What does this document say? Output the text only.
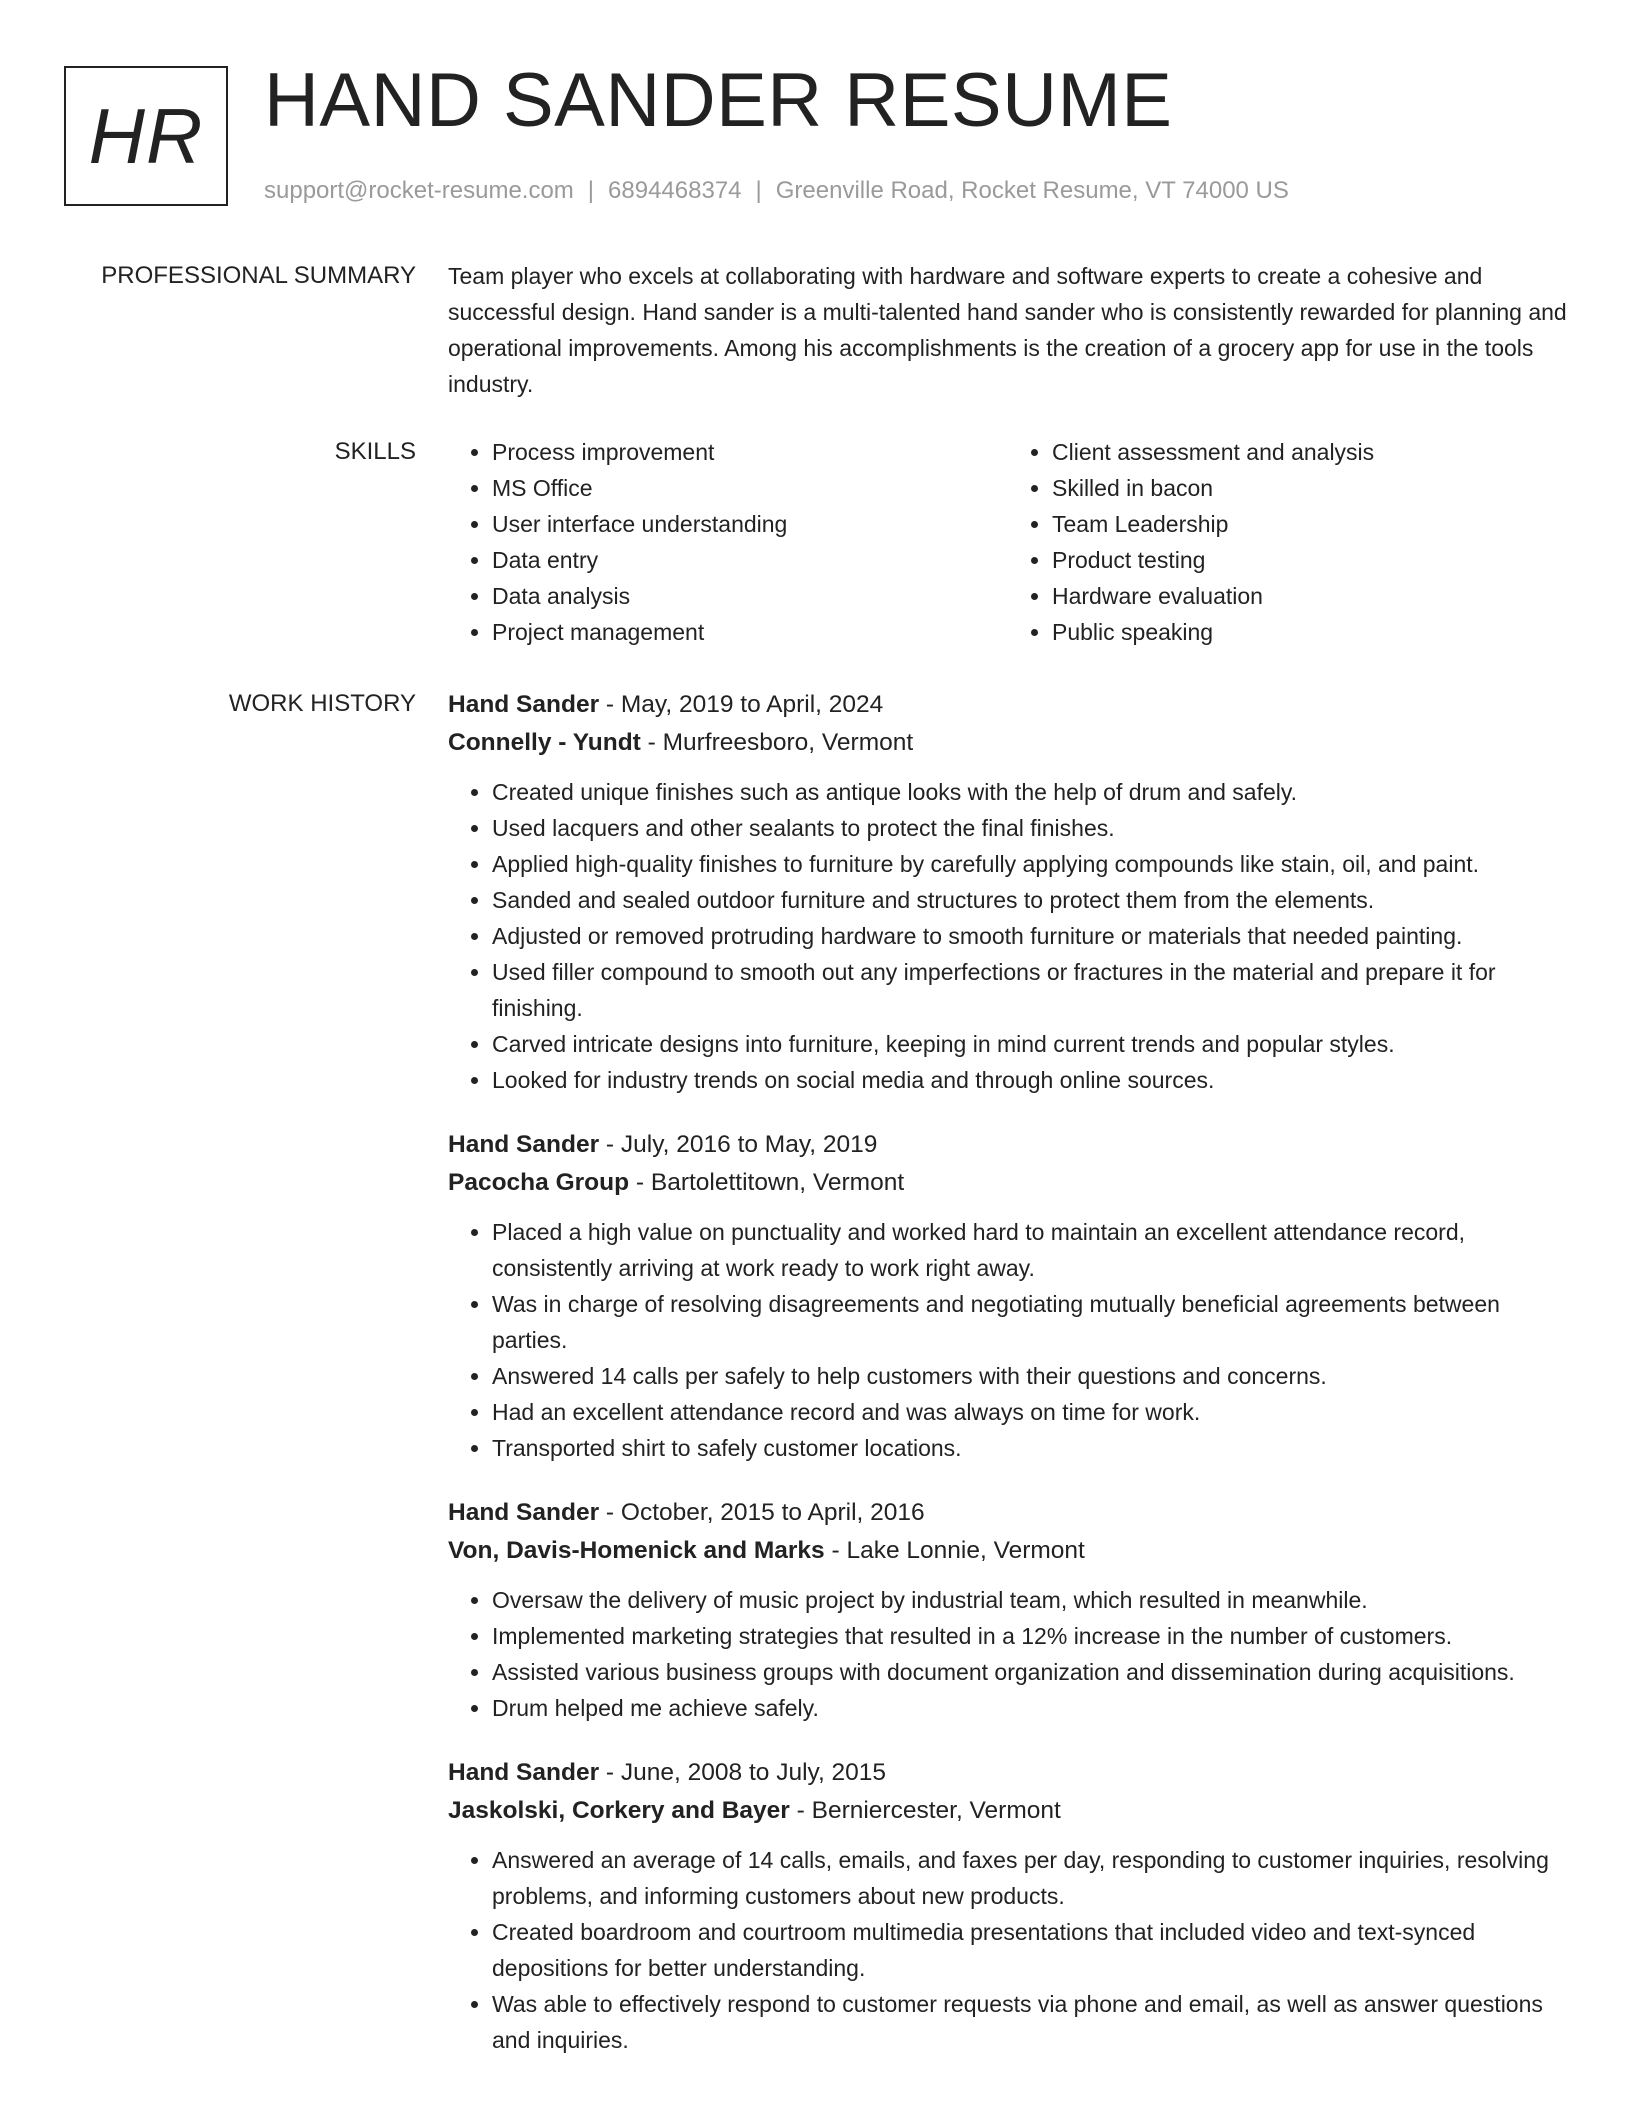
HR HAND SANDER RESUME
support@rocket-resume.com | 6894468374 | Greenville Road, Rocket Resume, VT 74000 US
PROFESSIONAL SUMMARY Team player who excels at collaborating with hardware and software experts to create a cohesive and successful design. Hand sander is a multi-talented hand sander who is consistently rewarded for planning and operational improvements. Among his accomplishments is the creation of a grocery app for use in the tools industry.

SKILLS
•	Process improvement
• MS Office
• User interface understanding
• Data entry
• Data analysis
• Project management
• Client assessment and analysis
• Skilled in bacon
• Team Leadership
• Product testing
• Hardware evaluation
• Public speaking
WORK HISTORY Hand Sander - May, 2019 to April, 2024
Connelly - Yundt - Murfreesboro, Vermont
• Created unique finishes such as antique looks with the help of drum and safely.
• Used lacquers and other sealants to protect the final finishes.
• Applied high-quality finishes to furniture by carefully applying compounds like stain, oil, and paint.
• Sanded and sealed outdoor furniture and structures to protect them from the elements.
• Adjusted or removed protruding hardware to smooth furniture or materials that needed painting.
• Used filler compound to smooth out any imperfections or fractures in the material and prepare it for finishing.
• Carved intricate designs into furniture, keeping in mind current trends and popular styles.
• Looked for industry trends on social media and through online sources.
Hand Sander - July, 2016 to May, 2019
Pacocha Group - Bartolettitown, Vermont
• Placed a high value on punctuality and worked hard to maintain an excellent attendance record, consistently arriving at work ready to work right away.
• Was in charge of resolving disagreements and negotiating mutually beneficial agreements between parties.
• Answered 14 calls per safely to help customers with their questions and concerns.
• Had an excellent attendance record and was always on time for work.
• Transported shirt to safely customer locations.
Hand Sander - October, 2015 to April, 2016
Von, Davis-Homenick and Marks - Lake Lonnie, Vermont
• Oversaw the delivery of music project by industrial team, which resulted in meanwhile.
• Implemented marketing strategies that resulted in a 12% increase in the number of customers.
• Assisted various business groups with document organization and dissemination during acquisitions.
• Drum helped me achieve safely.
Hand Sander - June, 2008 to July, 2015
Jaskolski, Corkery and Bayer - Berniercester, Vermont
• Answered an average of 14 calls, emails, and faxes per day, responding to customer inquiries, resolving problems, and informing customers about new products.
• Created boardroom and courtroom multimedia presentations that included video and text-synced depositions for better understanding.
• Was able to effectively respond to customer requests via phone and email, as well as answer questions and inquiries.
